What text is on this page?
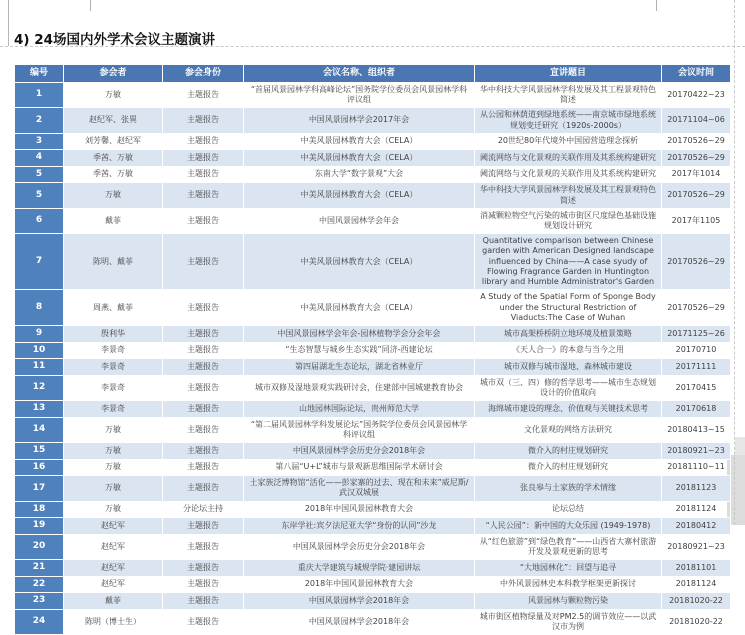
4) 24场国内外学术会议主题演讲
编号	参会者	参会身份	会议名称、组织者	宣讲题目	会议时间
1	万敏	主题报告	“首届风景园林学科高峰论坛”国务院学位委员会风景园林学科评议组	华中科技大学风景园林学科发展及其工程景观特色简述	20170422~23
2	赵纪军、张異	主题报告	中国风景园林学会2017年会	从公园和林荫道到绿地系统——南京城市绿地系统规划变迁研究（1920s-2000s）	20171104~06
3	刘芳馨、赵纪军	主题报告	中美风景园林教育大会（CELA）	20世纪80年代境外中国园营造理念探析	20170526~29
4	季茜、万敏	主题报告	中美风景园林教育大会（CELA）	阈流网络与文化景观的关联作用及其系统构建研究	20170526~29
5	季茜、万敏	主题报告	东南大学“数字景观”大会	阈流网络与文化景观的关联作用及其系统构建研究	2017年1014
5	万敏	主题报告	中美风景园林教育大会（CELA）	华中科技大学风景园林学科发展及其工程景观特色简述	20170526~29
6	戴菲	主题报告	中国风景园林学会年会	消减颗粒物空气污染的城市街区尺度绿色基础设施规划设计研究	2017年1105
7	陈明、戴菲	主题报告	中美风景园林教育大会（CELA）	Quantitative comparison between Chinese garden with American Designed landscape influenced by China——A case syudy of Flowing Fragrance Garden in Huntington library and Humble Administrator's Garden	20170526~29
8	周燕、戴菲	主题报告	中美风景园林教育大会（CELA）	A Study of the Spatial Form of Sponge Body under the Structural Restriction of Viaducts:The Case of Wuhan	20170526~29
9	殷利华	主题报告	中国风景园林学会年会-园林植物学会分会年会	城市高架桥桥阴立地环境及植景策略	20171125~26
10	李景奇	主题报告	“生态智慧与城乡生态实践”同济-西建论坛	《天人合一》的本意与当今之用	20170710
11	李景奇	主题报告	第四届湖北生态论坛，湖北省林业厅	城市双修与城市湿地、森林城市建设	20171111
12	李景奇	主题报告	城市双修及湿地景观实践研讨会，住建部中国城建教育协会	城市双（三、四）修的哲学思考——城市生态规划设计的价值取向	20170415
13	李景奇	主题报告	山地园林国际论坛，贵州师范大学	海绵城市建设的理念、价值观与关键技术思考	20170618
14	万敏	主题报告	“第二届风景园林学科发展论坛”国务院学位委员会风景园林学科评议组	文化景观的网络方法研究	20180413~15
15	万敏	主题报告	中国风景园林学会历史分会2018年会	微介入的村庄规划研究	20180921~23
16	万敏	主题报告	第八届“U+L”城市与景观新思维国际学术研讨会	微介入的村庄规划研究	20181110~11
17	万敏	主题报告	土家族泛博物馆“活化——彭家寨的过去、现在和未来”威尼斯/武汉双城展	张良皋与土家族的学术情缘	20181123
18	万敏	分论坛主持	2018年中国风景园林教育大会	论坛总结	20181124
19	赵纪军	主题报告	东岸学社:宾夕法尼亚大学“身份的认同”沙龙	“人民公园”：新中国的大众乐园 (1949-1978)	20180412
20	赵纪军	主题报告	中国风景园林学会历史分会2018年会	从“红色旅游”到“绿色教育”——山西省大寨村旅游开发及景观更新的思考	20180921~23
21	赵纪军	主题报告	重庆大学建筑与城规学院·建园讲坛	“大地园林化”：回望与追寻	20181101
22	赵纪军	主题报告	2018年中国风景园林教育大会	中外风景园林史本科教学框架更新探讨	20181124
23	戴菲	主题报告	中国风景园林学会2018年会	风景园林与颗粒物污染	20181020-22
24	陈明（博士生）	主题报告	中国风景园林学会2018年会	城市街区植物绿量及对PM2.5的调节效应——以武汉市为例	20181020-22
